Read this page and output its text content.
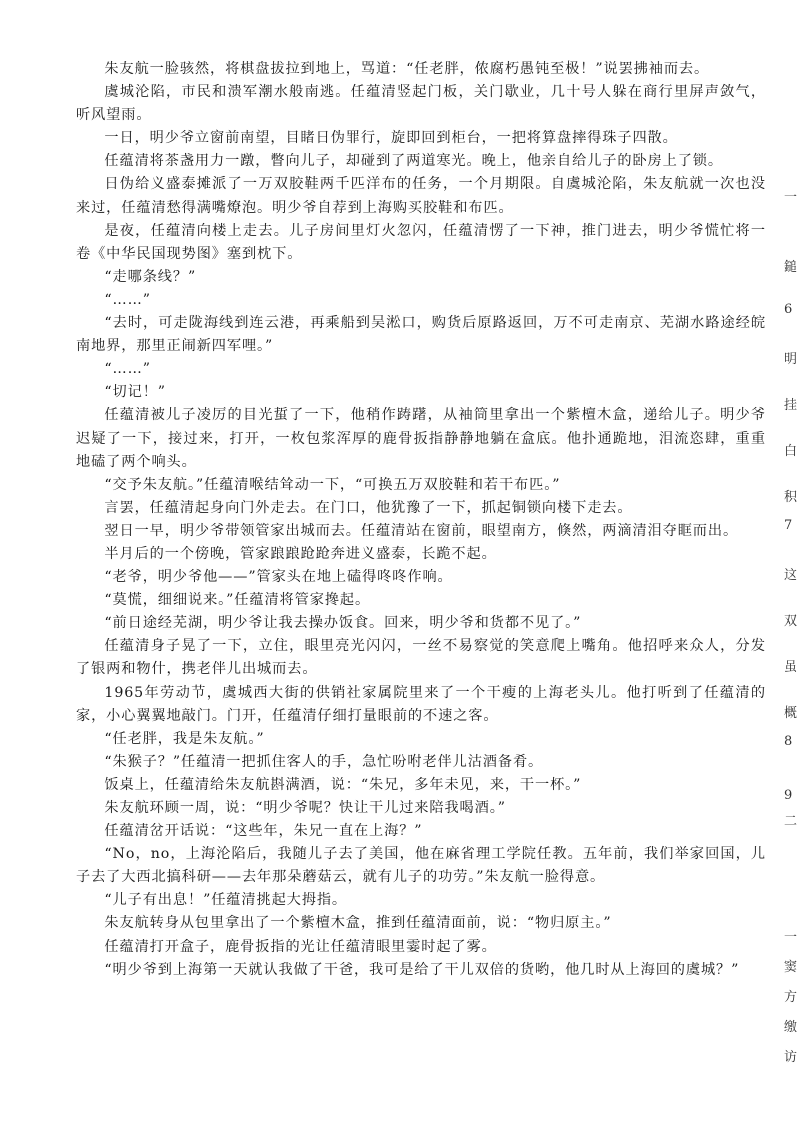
朱友航一脸骇然，将棋盘拔拉到地上，骂道：“任老胖，侬腐朽愚钝至极！”说罢拂袖而去。

虞城沦陷，市民和溃军潮水般南逃。任蕴清竖起门板，关门歇业，几十号人躲在商行里屏声敛气，听风望雨。

一日，明少爷立窗前南望，目睹日伪罪行，旋即回到柜台，一把将算盘摔得珠子四散。

任蕴清将茶盏用力一蹾，瞥向儿子，却碰到了两道寒光。晚上，他亲自给儿子的卧房上了锁。

日伪给义盛泰摊派了一万双胶鞋两千匹洋布的任务，一个月期限。自虞城沦陷，朱友航就一次也没来过，任蕴清愁得满嘴燎泡。明少爷自荐到上海购买胶鞋和布匹。

是夜，任蕴清向楼上走去。儿子房间里灯火忽闪，任蕴清愣了一下神，推门进去，明少爷慌忙将一卷《中华民国现势图》塞到枕下。

“走哪条线？”

“……”

“去时，可走陇海线到连云港，再乘船到吴淞口，购货后原路返回，万不可走南京、芜湖水路途经皖南地界，那里正闹新四军哩。”

“……”

“切记！”

任蕴清被儿子凌厉的目光蜇了一下，他稍作踌躇，从袖筒里拿出一个紫檀木盒，递给儿子。明少爷迟疑了一下，接过来，打开，一枚包浆浑厚的鹿骨扳指静静地躺在盒底。他扑通跪地，泪流恣肆，重重地磕了两个响头。

“交予朱友航。”任蕴清喉结耸动一下，“可换五万双胶鞋和若干布匹。”

言罢，任蕴清起身向门外走去。在门口，他犹豫了一下，抓起铜锁向楼下走去。

翌日一早，明少爷带领管家出城而去。任蕴清站在窗前，眼望南方，倏然，两滴清泪夺眶而出。

半月后的一个傍晚，管家踉踉跄跄奔进义盛泰，长跪不起。

“老爷，明少爷他——”管家头在地上磕得咚咚作响。

“莫慌，细细说来。”任蕴清将管家搀起。

“前日途经芜湖，明少爷让我去操办饭食。回来，明少爷和货都不见了。”

任蕴清身子晃了一下，立住，眼里亮光闪闪，一丝不易察觉的笑意爬上嘴角。他招呼来众人，分发了银两和物什，携老伴儿出城而去。

1965年劳动节，虞城西大街的供销社家属院里来了一个干瘦的上海老头儿。他打听到了任蕴清的家，小心翼翼地敲门。门开，任蕴清仔细打量眼前的不速之客。

“任老胖，我是朱友航。”

“朱猴子？”任蕴清一把抓住客人的手，急忙吩咐老伴儿沽酒备肴。

饭桌上，任蕴清给朱友航斟满酒，说：“朱兄，多年未见，来，干一杯。”

朱友航环顾一周，说：“明少爷呢？快让干儿过来陪我喝酒。”

任蕴清岔开话说：“这些年，朱兄一直在上海？”

“No，no，上海沦陷后，我随儿子去了美国，他在麻省理工学院任教。五年前，我们举家回国，儿子去了大西北搞科研——去年那朵蘑菇云，就有儿子的功劳。”朱友航一脸得意。

“儿子有出息！”任蕴清挑起大拇指。

朱友航转身从包里拿出了一个紫檀木盒，推到任蕴清面前，说：“物归原主。”

任蕴清打开盒子，鹿骨扳指的光让任蕴清眼里霎时起了雾。

“明少爷到上海第一天就认我做了干爸，我可是给了干儿双倍的货哟，他几时从上海回的虞城？”

一
鎚
6
明
挂
白
积
7
这
双
虽
概
8
9
二
一
窦
方
缴
访
